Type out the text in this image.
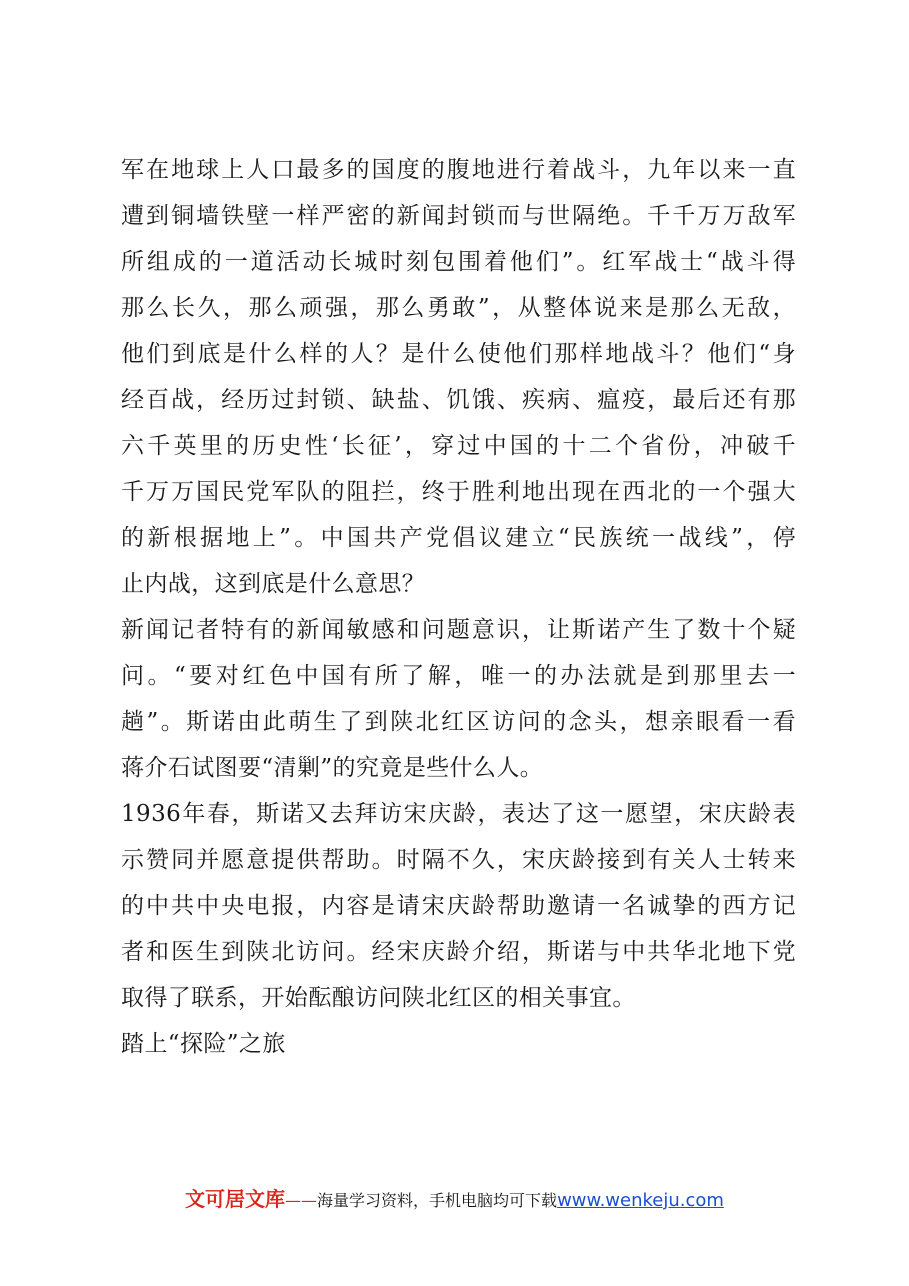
军在地球上人口最多的国度的腹地进行着战斗，九年以来一直
遭到铜墙铁壁一样严密的新闻封锁而与世隔绝。千千万万敌军
所组成的一道活动长城时刻包围着他们”。红军战士“战斗得
那么长久，那么顽强，那么勇敢”，从整体说来是那么无敌，
他们到底是什么样的人？是什么使他们那样地战斗？他们“身
经百战，经历过封锁、缺盐、饥饿、疾病、瘟疫，最后还有那
六千英里的历史性‘长征’，穿过中国的十二个省份，冲破千
千万万国民党军队的阻拦，终于胜利地出现在西北的一个强大
的新根据地上”。中国共产党倡议建立“民族统一战线”，停
止内战，这到底是什么意思？
新闻记者特有的新闻敏感和问题意识，让斯诺产生了数十个疑
问。“要对红色中国有所了解，唯一的办法就是到那里去一
趟”。斯诺由此萌生了到陕北红区访问的念头，想亲眼看一看
蒋介石试图要“清剿”的究竟是些什么人。
1936年春，斯诺又去拜访宋庆龄，表达了这一愿望，宋庆龄表
示赞同并愿意提供帮助。时隔不久，宋庆龄接到有关人士转来
的中共中央电报，内容是请宋庆龄帮助邀请一名诚挚的西方记
者和医生到陕北访问。经宋庆龄介绍，斯诺与中共华北地下党
取得了联系，开始酝酿访问陕北红区的相关事宜。
踏上“探险”之旅
文可居文库——海量学习资料，手机电脑均可下载www.wenkeju.com
